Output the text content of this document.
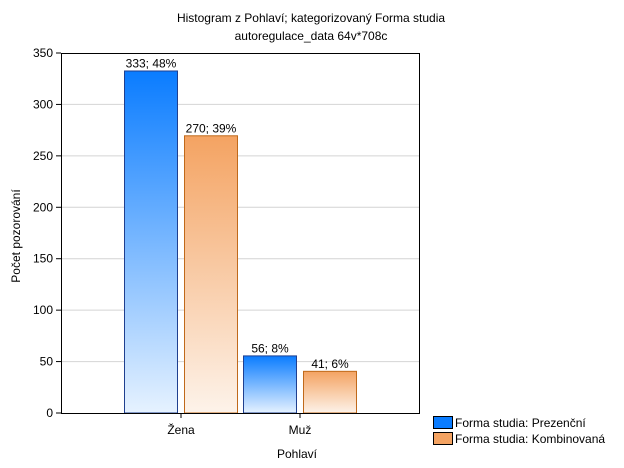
Histogram z Pohlaví; kategorizovaný Forma studia
autoregulace_data 64v*708c
0
50
100
150
200
250
300
350
333; 48%
270; 39%
Žena
56; 8%
41; 6%
Muž
Pohlaví
Počet pozorování
Forma studia: Prezenční
Forma studia: Kombinovaná
